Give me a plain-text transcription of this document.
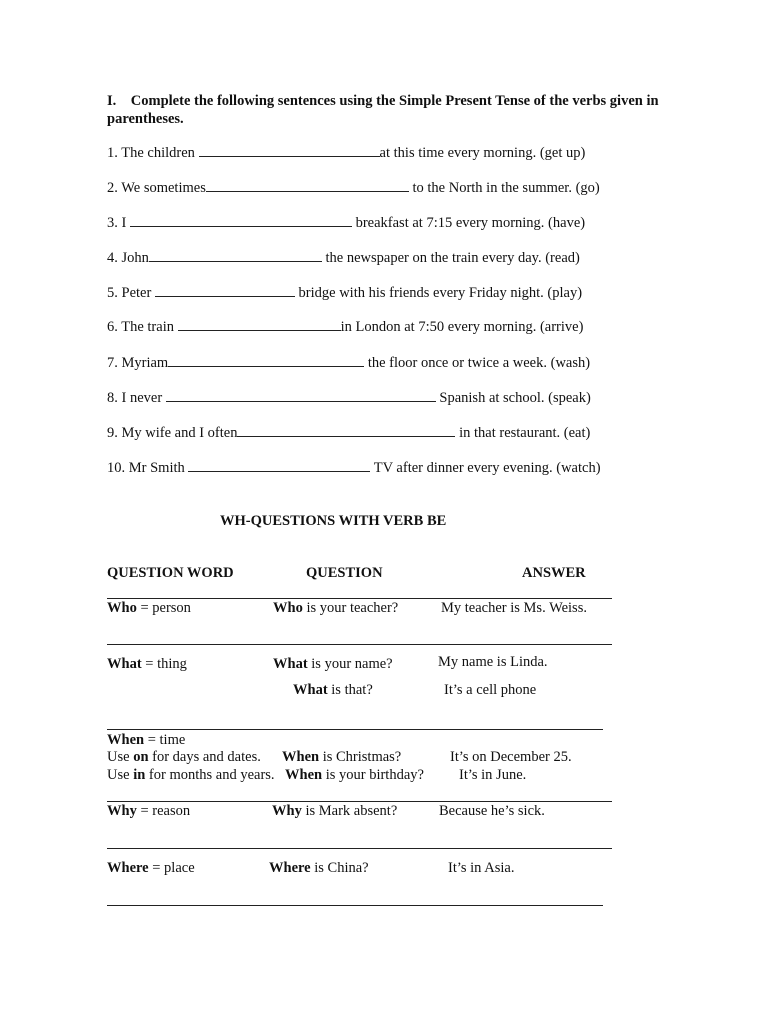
I. Complete the following sentences using the Simple Present Tense of the verbs given in parentheses.
1. The children	at this time every morning. (get up)
2. We sometimes	to the North in the summer. (go)
3. I	breakfast at 7:15 every morning. (have)
4. John	the newspaper on the train every day. (read)
5. Peter	bridge with his friends every Friday night. (play)
6. The train	in London at 7:50 every morning. (arrive)
7. Myriam	the floor once or twice a week. (wash)
8. I never	Spanish at school. (speak)
9. My wife and I often	in that restaurant. (eat)
10. Mr Smith	TV after dinner every evening. (watch)
WH-QUESTIONS WITH VERB BE
QUESTION WORD	QUESTION	ANSWER
Who = person	Who is your teacher?	My teacher is Ms. Weiss.
What = thing	What is your name?	My name is Linda.
What is that?	It’s a cell phone
When = time
Use on for days and dates. When is Christmas?	It’s on December 25.
Use in for months and years. When is your birthday? It’s in June.
Why = reason	Why is Mark absent?	Because he’s sick.
Where = place	Where is China?	It’s in Asia.
